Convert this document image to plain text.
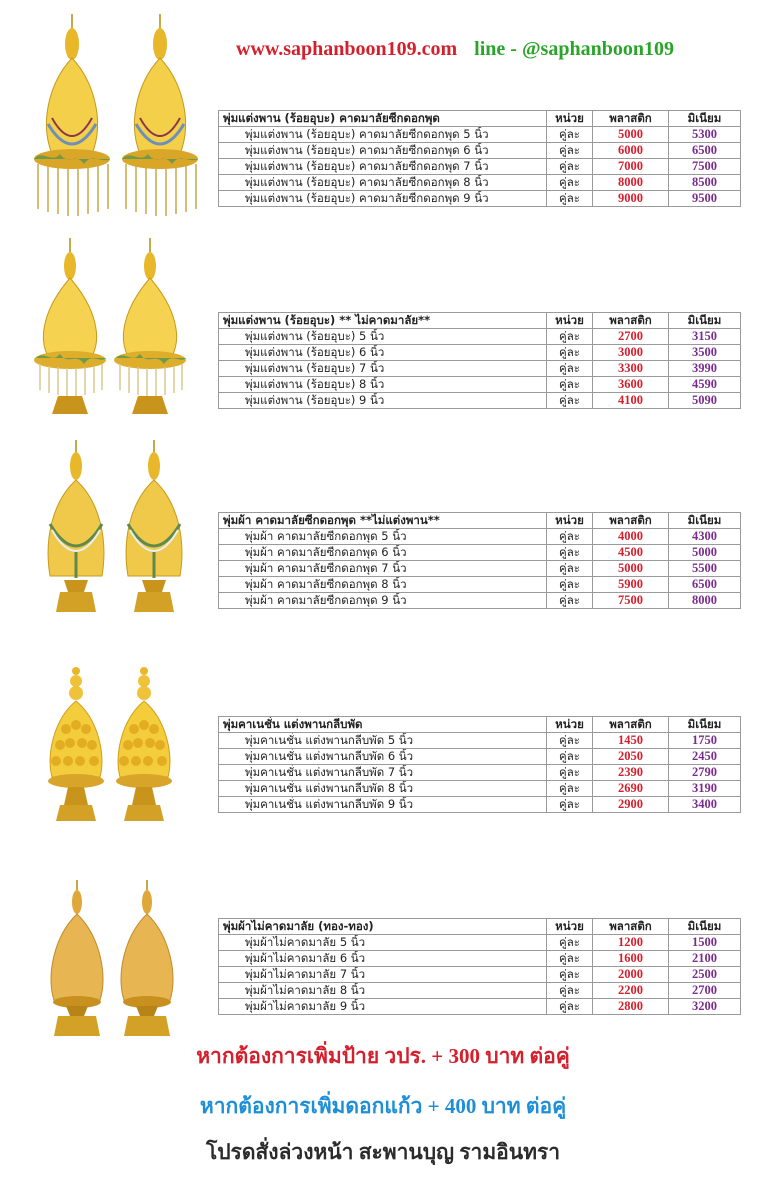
www.saphanboon109.com line - @saphanboon109
พุ่มแต่งพาน (ร้อยอุบะ) คาดมาลัยซีกดอกพุด	หน่วย	พลาสติก	มิเนียม
พุ่มแต่งพาน (ร้อยอุบะ) คาดมาลัยซีกดอกพุด 5 นิ้ว	คู่ละ	5000	5300
พุ่มแต่งพาน (ร้อยอุบะ) คาดมาลัยซีกดอกพุด 6 นิ้ว	คู่ละ	6000	6500
พุ่มแต่งพาน (ร้อยอุบะ) คาดมาลัยซีกดอกพุด 7 นิ้ว	คู่ละ	7000	7500
พุ่มแต่งพาน (ร้อยอุบะ) คาดมาลัยซีกดอกพุด 8 นิ้ว	คู่ละ	8000	8500
พุ่มแต่งพาน (ร้อยอุบะ) คาดมาลัยซีกดอกพุด 9 นิ้ว	คู่ละ	9000	9500
พุ่มแต่งพาน (ร้อยอุบะ) ** ไม่คาดมาลัย**	หน่วย	พลาสติก	มิเนียม
พุ่มแต่งพาน (ร้อยอุบะ) 5 นิ้ว	คู่ละ	2700	3150
พุ่มแต่งพาน (ร้อยอุบะ) 6 นิ้ว	คู่ละ	3000	3500
พุ่มแต่งพาน (ร้อยอุบะ) 7 นิ้ว	คู่ละ	3300	3990
พุ่มแต่งพาน (ร้อยอุบะ) 8 นิ้ว	คู่ละ	3600	4590
พุ่มแต่งพาน (ร้อยอุบะ) 9 นิ้ว	คู่ละ	4100	5090
พุ่มผ้า คาดมาลัยซีกดอกพุด **ไม่แต่งพาน**	หน่วย	พลาสติก	มิเนียม
พุ่มผ้า คาดมาลัยซีกดอกพุด 5 นิ้ว	คู่ละ	4000	4300
พุ่มผ้า คาดมาลัยซีกดอกพุด 6 นิ้ว	คู่ละ	4500	5000
พุ่มผ้า คาดมาลัยซีกดอกพุด 7 นิ้ว	คู่ละ	5000	5500
พุ่มผ้า คาดมาลัยซีกดอกพุด 8 นิ้ว	คู่ละ	5900	6500
พุ่มผ้า คาดมาลัยซีกดอกพุด 9 นิ้ว	คู่ละ	7500	8000
พุ่มคาเนชั่น แต่งพานกลีบพัด	หน่วย	พลาสติก	มิเนียม
พุ่มคาเนชั่น แต่งพานกลีบพัด 5 นิ้ว	คู่ละ	1450	1750
พุ่มคาเนชั่น แต่งพานกลีบพัด 6 นิ้ว	คู่ละ	2050	2450
พุ่มคาเนชั่น แต่งพานกลีบพัด 7 นิ้ว	คู่ละ	2390	2790
พุ่มคาเนชั่น แต่งพานกลีบพัด 8 นิ้ว	คู่ละ	2690	3190
พุ่มคาเนชั่น แต่งพานกลีบพัด 9 นิ้ว	คู่ละ	2900	3400
พุ่มผ้าไม่คาดมาลัย (ทอง-ทอง)	หน่วย	พลาสติก	มิเนียม
พุ่มผ้าไม่คาดมาลัย 5 นิ้ว	คู่ละ	1200	1500
พุ่มผ้าไม่คาดมาลัย 6 นิ้ว	คู่ละ	1600	2100
พุ่มผ้าไม่คาดมาลัย 7 นิ้ว	คู่ละ	2000	2500
พุ่มผ้าไม่คาดมาลัย 8 นิ้ว	คู่ละ	2200	2700
พุ่มผ้าไม่คาดมาลัย 9 นิ้ว	คู่ละ	2800	3200
หากต้องการเพิ่มป้าย วปร. + 300 บาท ต่อคู่
หากต้องการเพิ่มดอกแก้ว + 400 บาท ต่อคู่
โปรดสั่งล่วงหน้า สะพานบุญ รามอินทรา
